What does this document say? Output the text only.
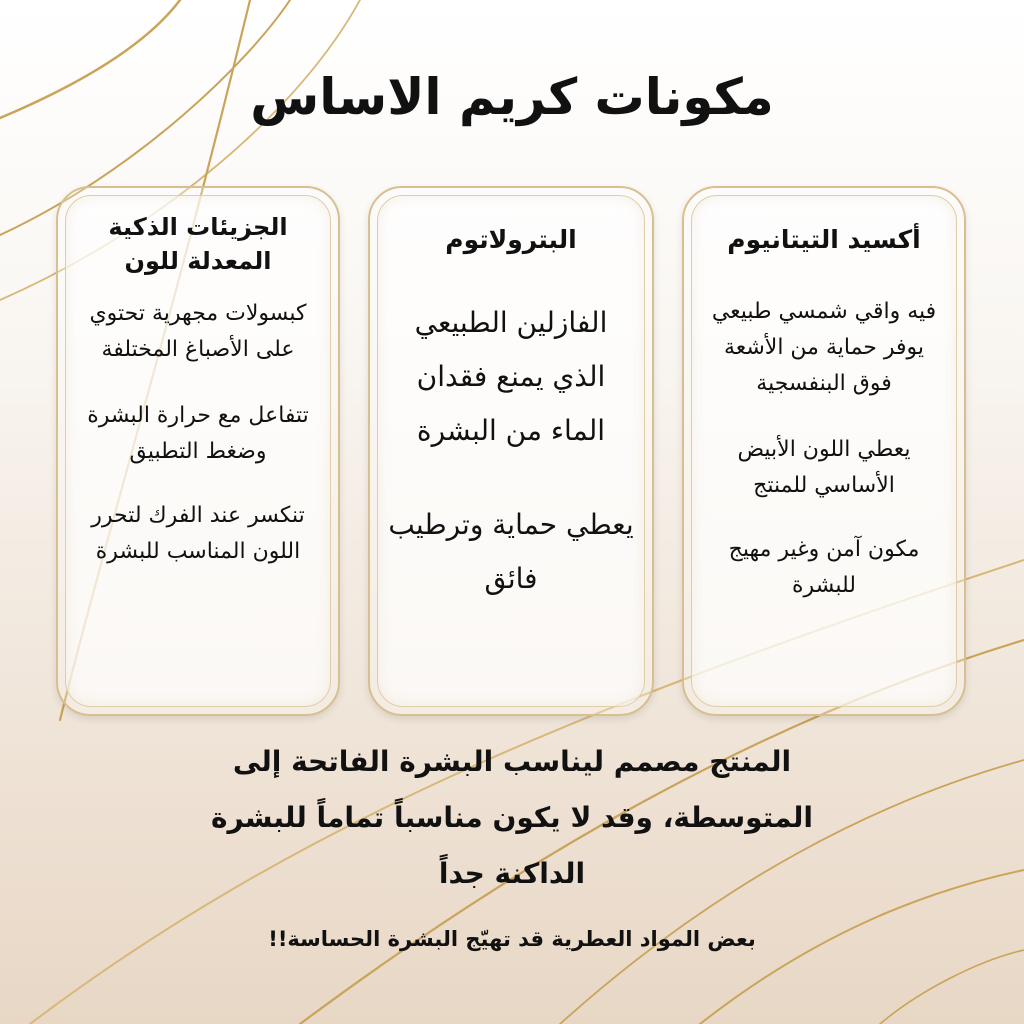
مكونات كريم الاساس
أكسيد التيتانيوم

فيه واقي شمسي طبيعي يوفر حماية من الأشعة فوق البنفسجية

يعطي اللون الأبيض الأساسي للمنتج

مكون آمن وغير مهيج للبشرة

البترولاتوم

الفازلين الطبيعي الذي يمنع فقدان الماء من البشرة

يعطي حماية وترطيب فائق

الجزيئات الذكية المعدلة للون

كبسولات مجهرية تحتوي على الأصباغ المختلفة

تتفاعل مع حرارة البشرة وضغط التطبيق

تنكسر عند الفرك لتحرر اللون المناسب للبشرة

المنتج مصمم ليناسب البشرة الفاتحة إلى المتوسطة، وقد لا يكون مناسباً تماماً للبشرة الداكنة جداً

بعض المواد العطرية قد تهيّج البشرة الحساسة!!
